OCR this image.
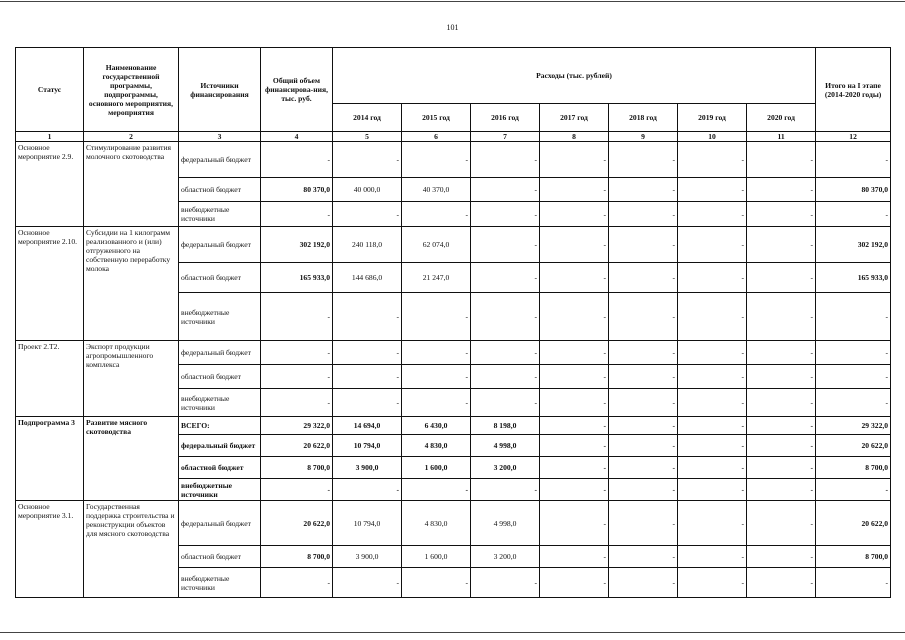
101
Статус	Наименование государственной программы, подпрограммы, основного мероприятия, мероприятия	Источники финансирования	Общий объем финансирова-ния, тыс. руб.	Расходы (тыс. рублей)							Итого на I этапе (2014-2020 годы)
				2014 год	2015 год	2016 год	2017 год	2018 год	2019 год	2020 год	
1	2	3	4	5	6	7	8	9	10	11	12
Основное мероприятие 2.9.	Стимулирование развития молочного скотоводства	федеральный бюджет	-	-	-	-	-	-	-	-	-
		областной бюджет	80 370,0	40 000,0	40 370,0	-	-	-	-	-	80 370,0
		внебюджетные источники	-	-	-	-	-	-	-	-	-
Основное мероприятие 2.10.	Субсидии на 1 килограмм реализованного и (или) отгруженного на собственную переработку молока	федеральный бюджет	302 192,0	240 118,0	62 074,0	-	-	-	-	-	302 192,0
		областной бюджет	165 933,0	144 686,0	21 247,0	-	-	-	-	-	165 933,0
		внебюджетные источники	-	-	-	-	-	-	-	-	-
Проект 2.Т2.	Экспорт продукции агропромышленного комплекса	федеральный бюджет	-	-	-	-	-	-	-	-	-
		областной бюджет	-	-	-	-	-	-	-	-	-
		внебюджетные источники	-	-	-	-	-	-	-	-	-
Подпрограмма 3	Развитие мясного скотоводства	ВСЕГО:	29 322,0	14 694,0	6 430,0	8 198,0	-	-	-	-	29 322,0
		федеральный бюджет	20 622,0	10 794,0	4 830,0	4 998,0	-	-	-	-	20 622,0
		областной бюджет	8 700,0	3 900,0	1 600,0	3 200,0	-	-	-	-	8 700,0
		внебюджетные источники	-	-	-	-	-	-	-	-	-
Основное мероприятие 3.1.	Государственная поддержка строительства и реконструкции объектов для мясного скотоводства	федеральный бюджет	20 622,0	10 794,0	4 830,0	4 998,0	-	-	-	-	20 622,0
		областной бюджет	8 700,0	3 900,0	1 600,0	3 200,0	-	-	-	-	8 700,0
		внебюджетные источники	-	-	-	-	-	-	-	-	-
